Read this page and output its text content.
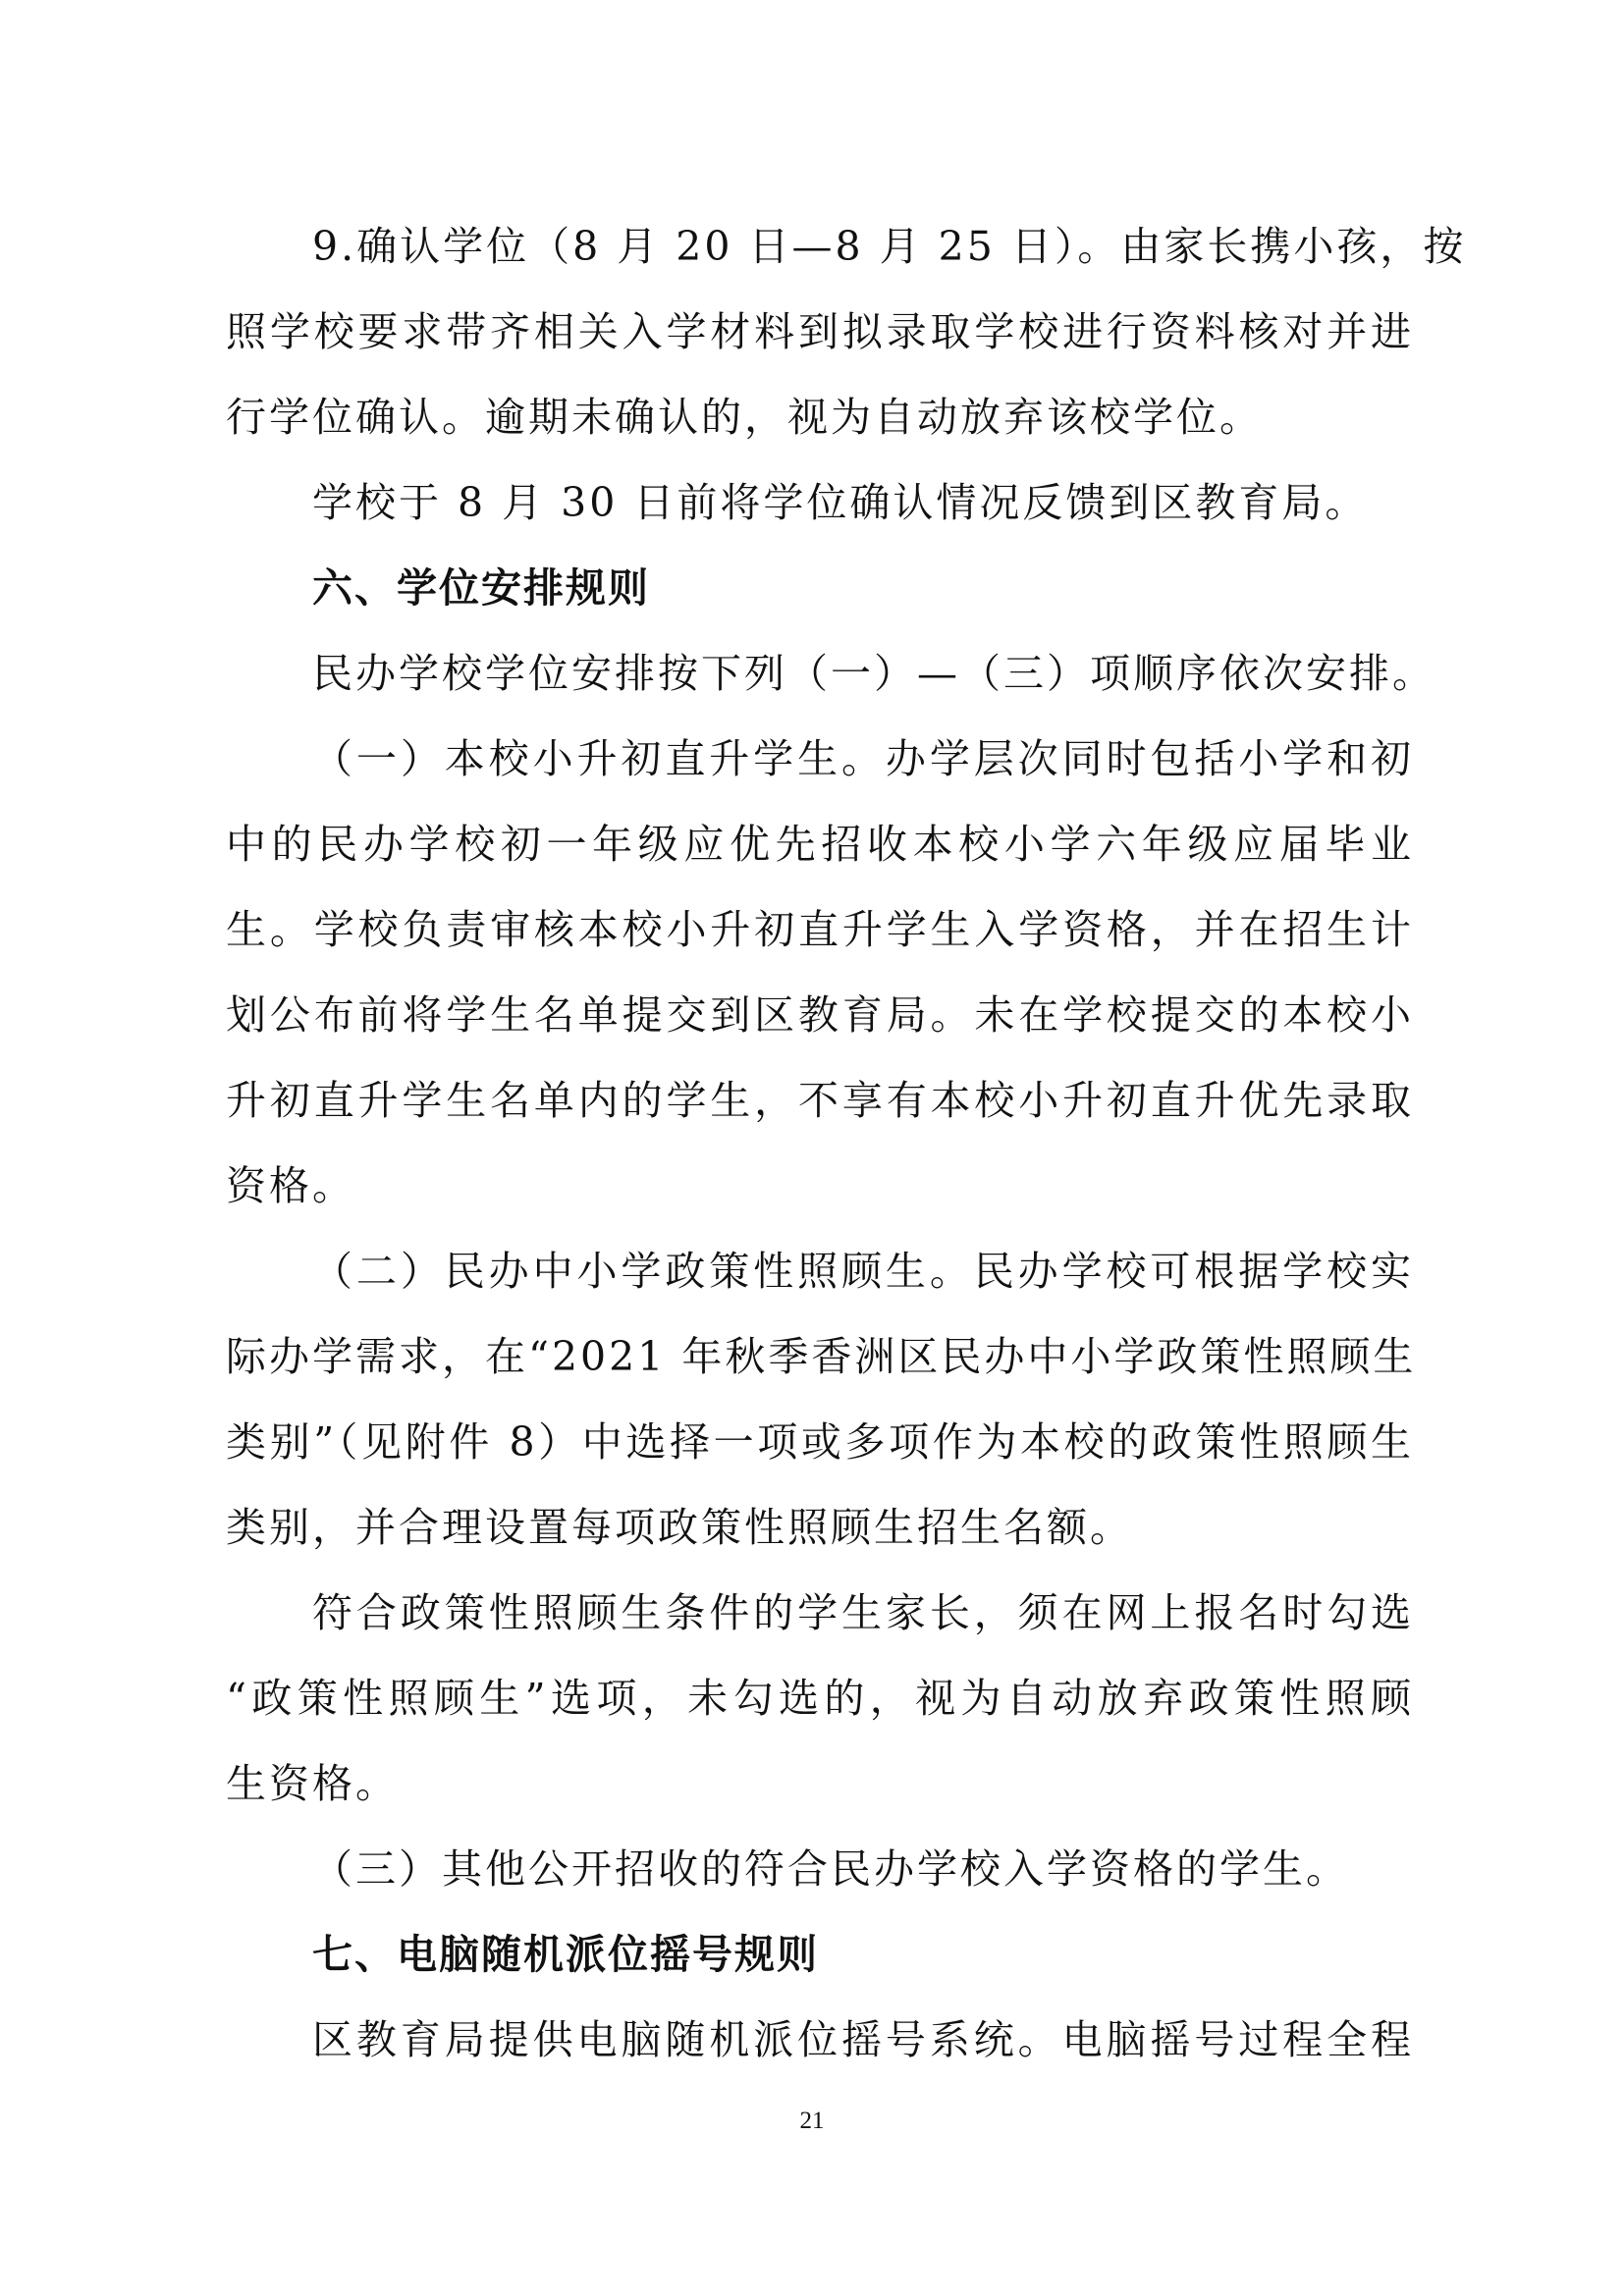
9.确认学位（8 月 20 日—8 月 25 日）。由家长携小孩，按
照学校要求带齐相关入学材料到拟录取学校进行资料核对并进
行学位确认。逾期未确认的，视为自动放弃该校学位。
学校于 8 月 30 日前将学位确认情况反馈到区教育局。
六、学位安排规则
民办学校学位安排按下列（一）—（三）项顺序依次安排。
（一）本校小升初直升学生。办学层次同时包括小学和初
中的民办学校初一年级应优先招收本校小学六年级应届毕业
生。学校负责审核本校小升初直升学生入学资格，并在招生计
划公布前将学生名单提交到区教育局。未在学校提交的本校小
升初直升学生名单内的学生，不享有本校小升初直升优先录取
资格。
（二）民办中小学政策性照顾生。民办学校可根据学校实
际办学需求，在“2021 年秋季香洲区民办中小学政策性照顾生
类别”（见附件 8）中选择一项或多项作为本校的政策性照顾生
类别，并合理设置每项政策性照顾生招生名额。
符合政策性照顾生条件的学生家长，须在网上报名时勾选
“政策性照顾生”选项，未勾选的，视为自动放弃政策性照顾
生资格。
（三）其他公开招收的符合民办学校入学资格的学生。
七、电脑随机派位摇号规则
区教育局提供电脑随机派位摇号系统。电脑摇号过程全程
21
